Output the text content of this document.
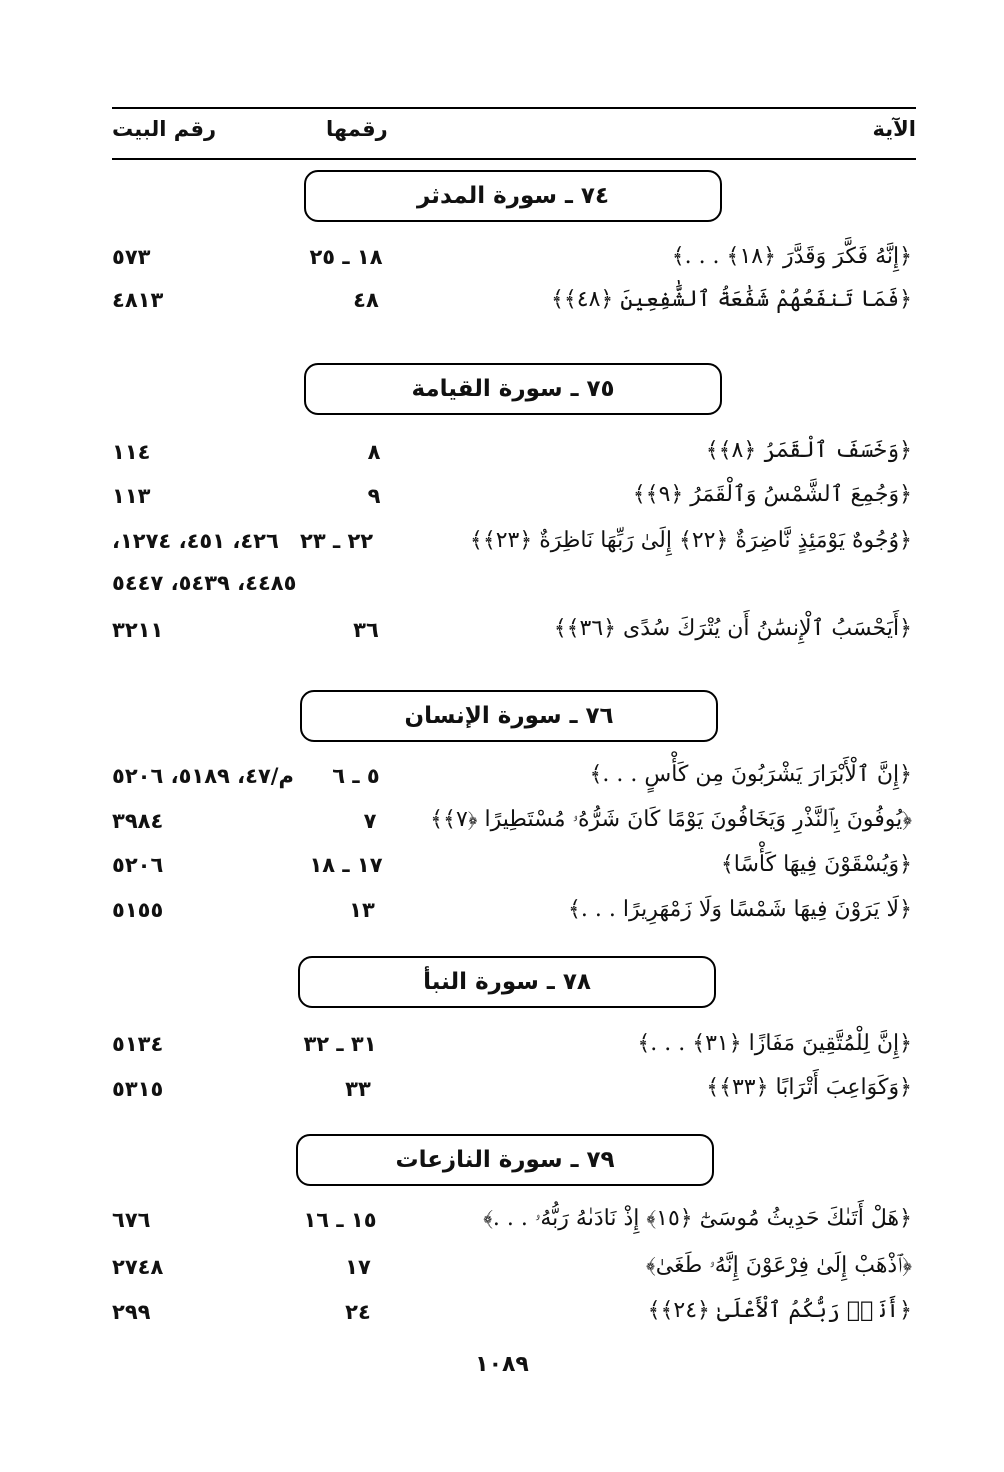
الآية
رقمها
رقم البيت
٧٤ ـ سورة المدثر
﴿إِنَّهُ فَكَّرَ وَقَدَّرَ ﴿١٨﴾ . . .﴾
١٨ ـ ٢٥
٥٧٣
﴿فَمَا تَنفَعُهُمْ شَفَٰعَةُ ٱلشَّٰفِعِينَ ﴿٤٨﴾﴾
٤٨
٤٨١٣
٧٥ ـ سورة القيامة
﴿وَخَسَفَ ٱلْقَمَرُ ﴿٨﴾﴾
٨
١١٤
﴿وَجُمِعَ ٱلشَّمْسُ وَٱلْقَمَرُ ﴿٩﴾﴾
٩
١١٣
﴿وُجُوهٌ يَوْمَئِذٍ نَّاضِرَةٌ ﴿٢٢﴾ إِلَىٰ رَبِّهَا نَاظِرَةٌ ﴿٢٣﴾﴾
٢٢ ـ ٢٣
٤٢٦، ٤٥١، ١٢٧٤،
٤٤٨٥، ٥٤٣٩، ٥٤٤٧
﴿أَيَحْسَبُ ٱلْإِنسَٰنُ أَن يُتْرَكَ سُدًى ﴿٣٦﴾﴾
٣٦
٣٢١١
٧٦ ـ سورة الإنسان
﴿إِنَّ ٱلْأَبْرَارَ يَشْرَبُونَ مِن كَأْسٍ . . .﴾
٥ ـ ٦
م/٤٧، ٥١٨٩، ٥٢٠٦
﴿يُوفُونَ بِٱلنَّذْرِ وَيَخَافُونَ يَوْمًا كَانَ شَرُّهُۥ مُسْتَطِيرًا ﴿٧﴾﴾
٧
٣٩٨٤
﴿وَيُسْقَوْنَ فِيهَا كَأْسًا﴾
١٧ ـ ١٨
٥٢٠٦
﴿لَا يَرَوْنَ فِيهَا شَمْسًا وَلَا زَمْهَرِيرًا . . .﴾
١٣
٥١٥٥
٧٨ ـ سورة النبأ
﴿إِنَّ لِلْمُتَّقِينَ مَفَازًا ﴿٣١﴾ . . .﴾
٣١ ـ ٣٢
٥١٣٤
﴿وَكَوَاعِبَ أَتْرَابًا ﴿٣٣﴾﴾
٣٣
٥٣١٥
٧٩ ـ سورة النازعات
﴿هَلْ أَتَىٰكَ حَدِيثُ مُوسَىٰٓ ﴿١٥﴾ إِذْ نَادَىٰهُ رَبُّهُۥ . . .﴾
١٥ ـ ١٦
٦٧٦
﴿ٱذْهَبْ إِلَىٰ فِرْعَوْنَ إِنَّهُۥ طَغَىٰ﴾
١٧
٢٧٤٨
﴿أَنَا۠ رَبُّكُمُ ٱلْأَعْلَىٰ ﴿٢٤﴾﴾
٢٤
٢٩٩
١٠٨٩
